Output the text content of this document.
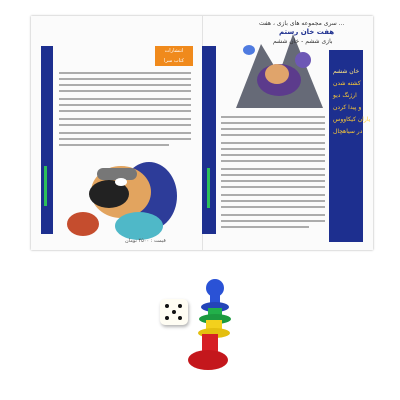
انتشارات
کتاب سرا
سری مجموعه های بازی ، هفت ...
هفت خان رستم
بازی ششم - خان ششم
خان ششم
کشته شدن
ارژنگ دیو
و پیدا کردن
یاران کیکاووس
در سیاهچال
قیمت : ۴۵۰۰ تومان
